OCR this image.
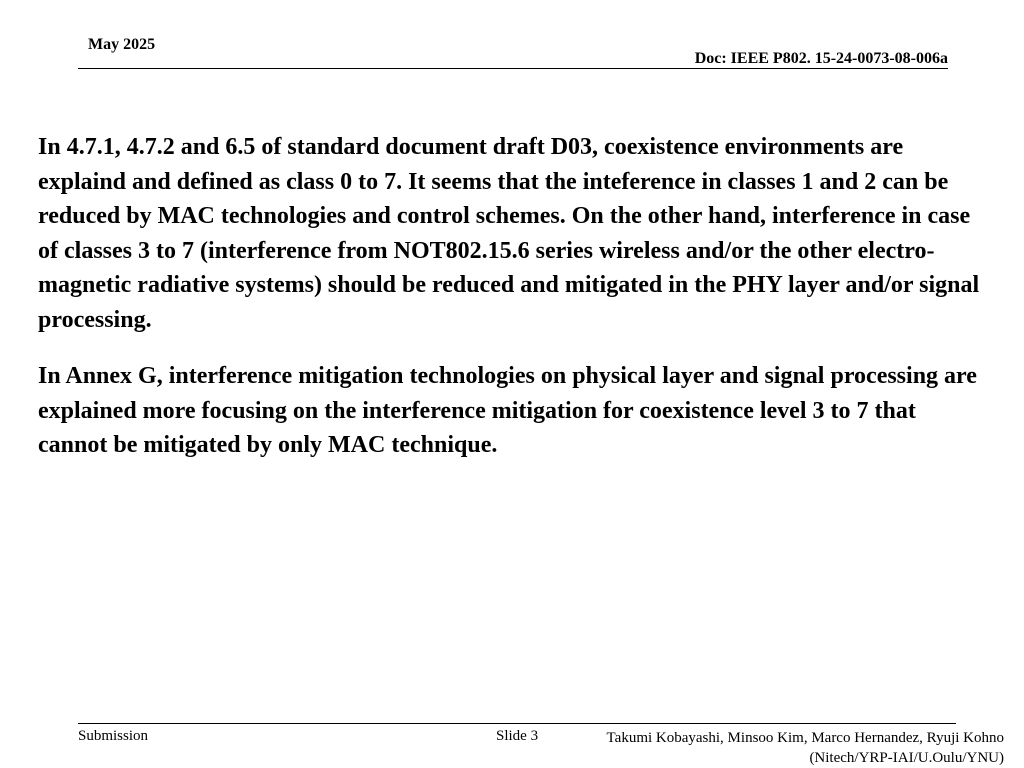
May 2025
Doc: IEEE P802. 15-24-0073-08-006a

In 4.7.1, 4.7.2 and 6.5 of standard document draft D03, coexistence environments are explaind and defined as class 0 to 7. It seems that the inteference in classes 1 and 2 can be reduced by MAC technologies and control schemes. On the other hand, interference in case of classes 3 to 7 (interference from NOT802.15.6 series wireless and/or the other electro-magnetic radiative systems) should be reduced and mitigated in the PHY layer and/or signal processing.

In Annex G, interference mitigation technologies on physical layer and signal processing are explained more focusing on the interference mitigation for coexistence level 3 to 7 that cannot be mitigated by only MAC technique.

Submission	Slide 3	Takumi Kobayashi, Minsoo Kim, Marco Hernandez, Ryuji Kohno
(Nitech/YRP-IAI/U.Oulu/YNU)
